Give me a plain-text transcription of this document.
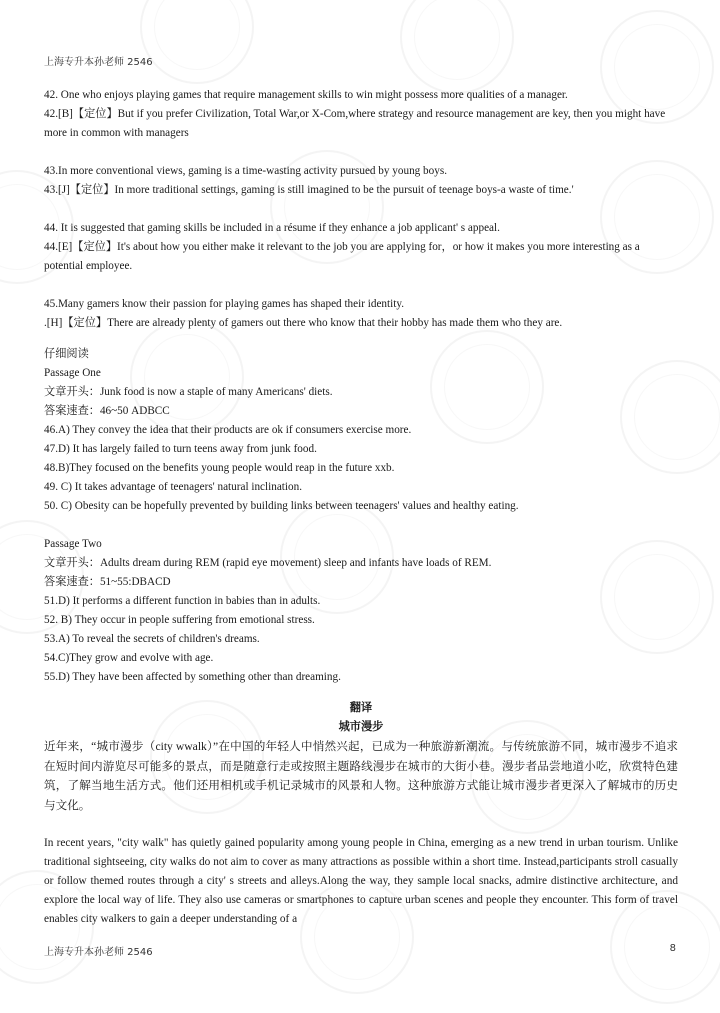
上海专升本孙老师 2546

42. One who enjoys playing games that require management skills to win might possess more qualities of a manager.

42.[B]【定位】But if you prefer Civilization, Total War,or X-Com,where strategy and resource management are key, then you might have more in common with managers

43.In more conventional views, gaming is a time-wasting activity pursued by young boys.

43.[J]【定位】In more traditional settings, gaming is still imagined to be the pursuit of teenage boys-a waste of time.'

44. It is suggested that gaming skills be included in a résume if they enhance a job applicant' s appeal.

44.[E]【定位】It's about how you either make it relevant to the job you are applying for，or how it makes you more interesting as a potential employee.

45.Many gamers know their passion for playing games has shaped their identity.

.[H]【定位】There are already plenty of gamers out there who know that their hobby has made them who they are.

仔细阅读

Passage One

文章开头：Junk food is now a staple of many Americans' diets.

答案速查：46~50 ADBCC

46.A) They convey the idea that their products are ok if consumers exercise more.

47.D) It has largely failed to turn teens away from junk food.

48.B)They focused on the benefits young people would reap in the future xxb.

49. C) It takes advantage of teenagers' natural inclination.

50. C) Obesity can be hopefully prevented by building links between teenagers' values and healthy eating.

Passage Two

文章开头：Adults dream during REM (rapid eye movement) sleep and infants have loads of REM.

答案速查：51~55:DBACD

51.D) It performs a different function in babies than in adults.

52. B) They occur in people suffering from emotional stress.

53.A) To reveal the secrets of children's dreams.

54.C)They grow and evolve with age.

55.D) They have been affected by something other than dreaming.

翻译

城市漫步

近年来，“城市漫步（city wwalk）”在中国的年轻人中悄然兴起，已成为一种旅游新潮流。与传统旅游不同，城市漫步不追求在短时间内游览尽可能多的景点，而是随意行走或按照主题路线漫步在城市的大街小巷。漫步者品尝地道小吃，欣赏特色建筑，了解当地生活方式。他们还用相机或手机记录城市的风景和人物。这种旅游方式能让城市漫步者更深入了解城市的历史与文化。

In recent years, "city walk" has quietly gained popularity among young people in China, emerging as a new trend in urban tourism. Unlike traditional sightseeing, city walks do not aim to cover as many attractions as possible within a short time. Instead,participants stroll casually or follow themed routes through a city' s streets and alleys.Along the way, they sample local snacks, admire distinctive architecture, and explore the local way of life. They also use cameras or smartphones to capture urban scenes and people they encounter. This form of travel enables city walkers to gain a deeper understanding of a

上海专升本孙老师 2546	8
